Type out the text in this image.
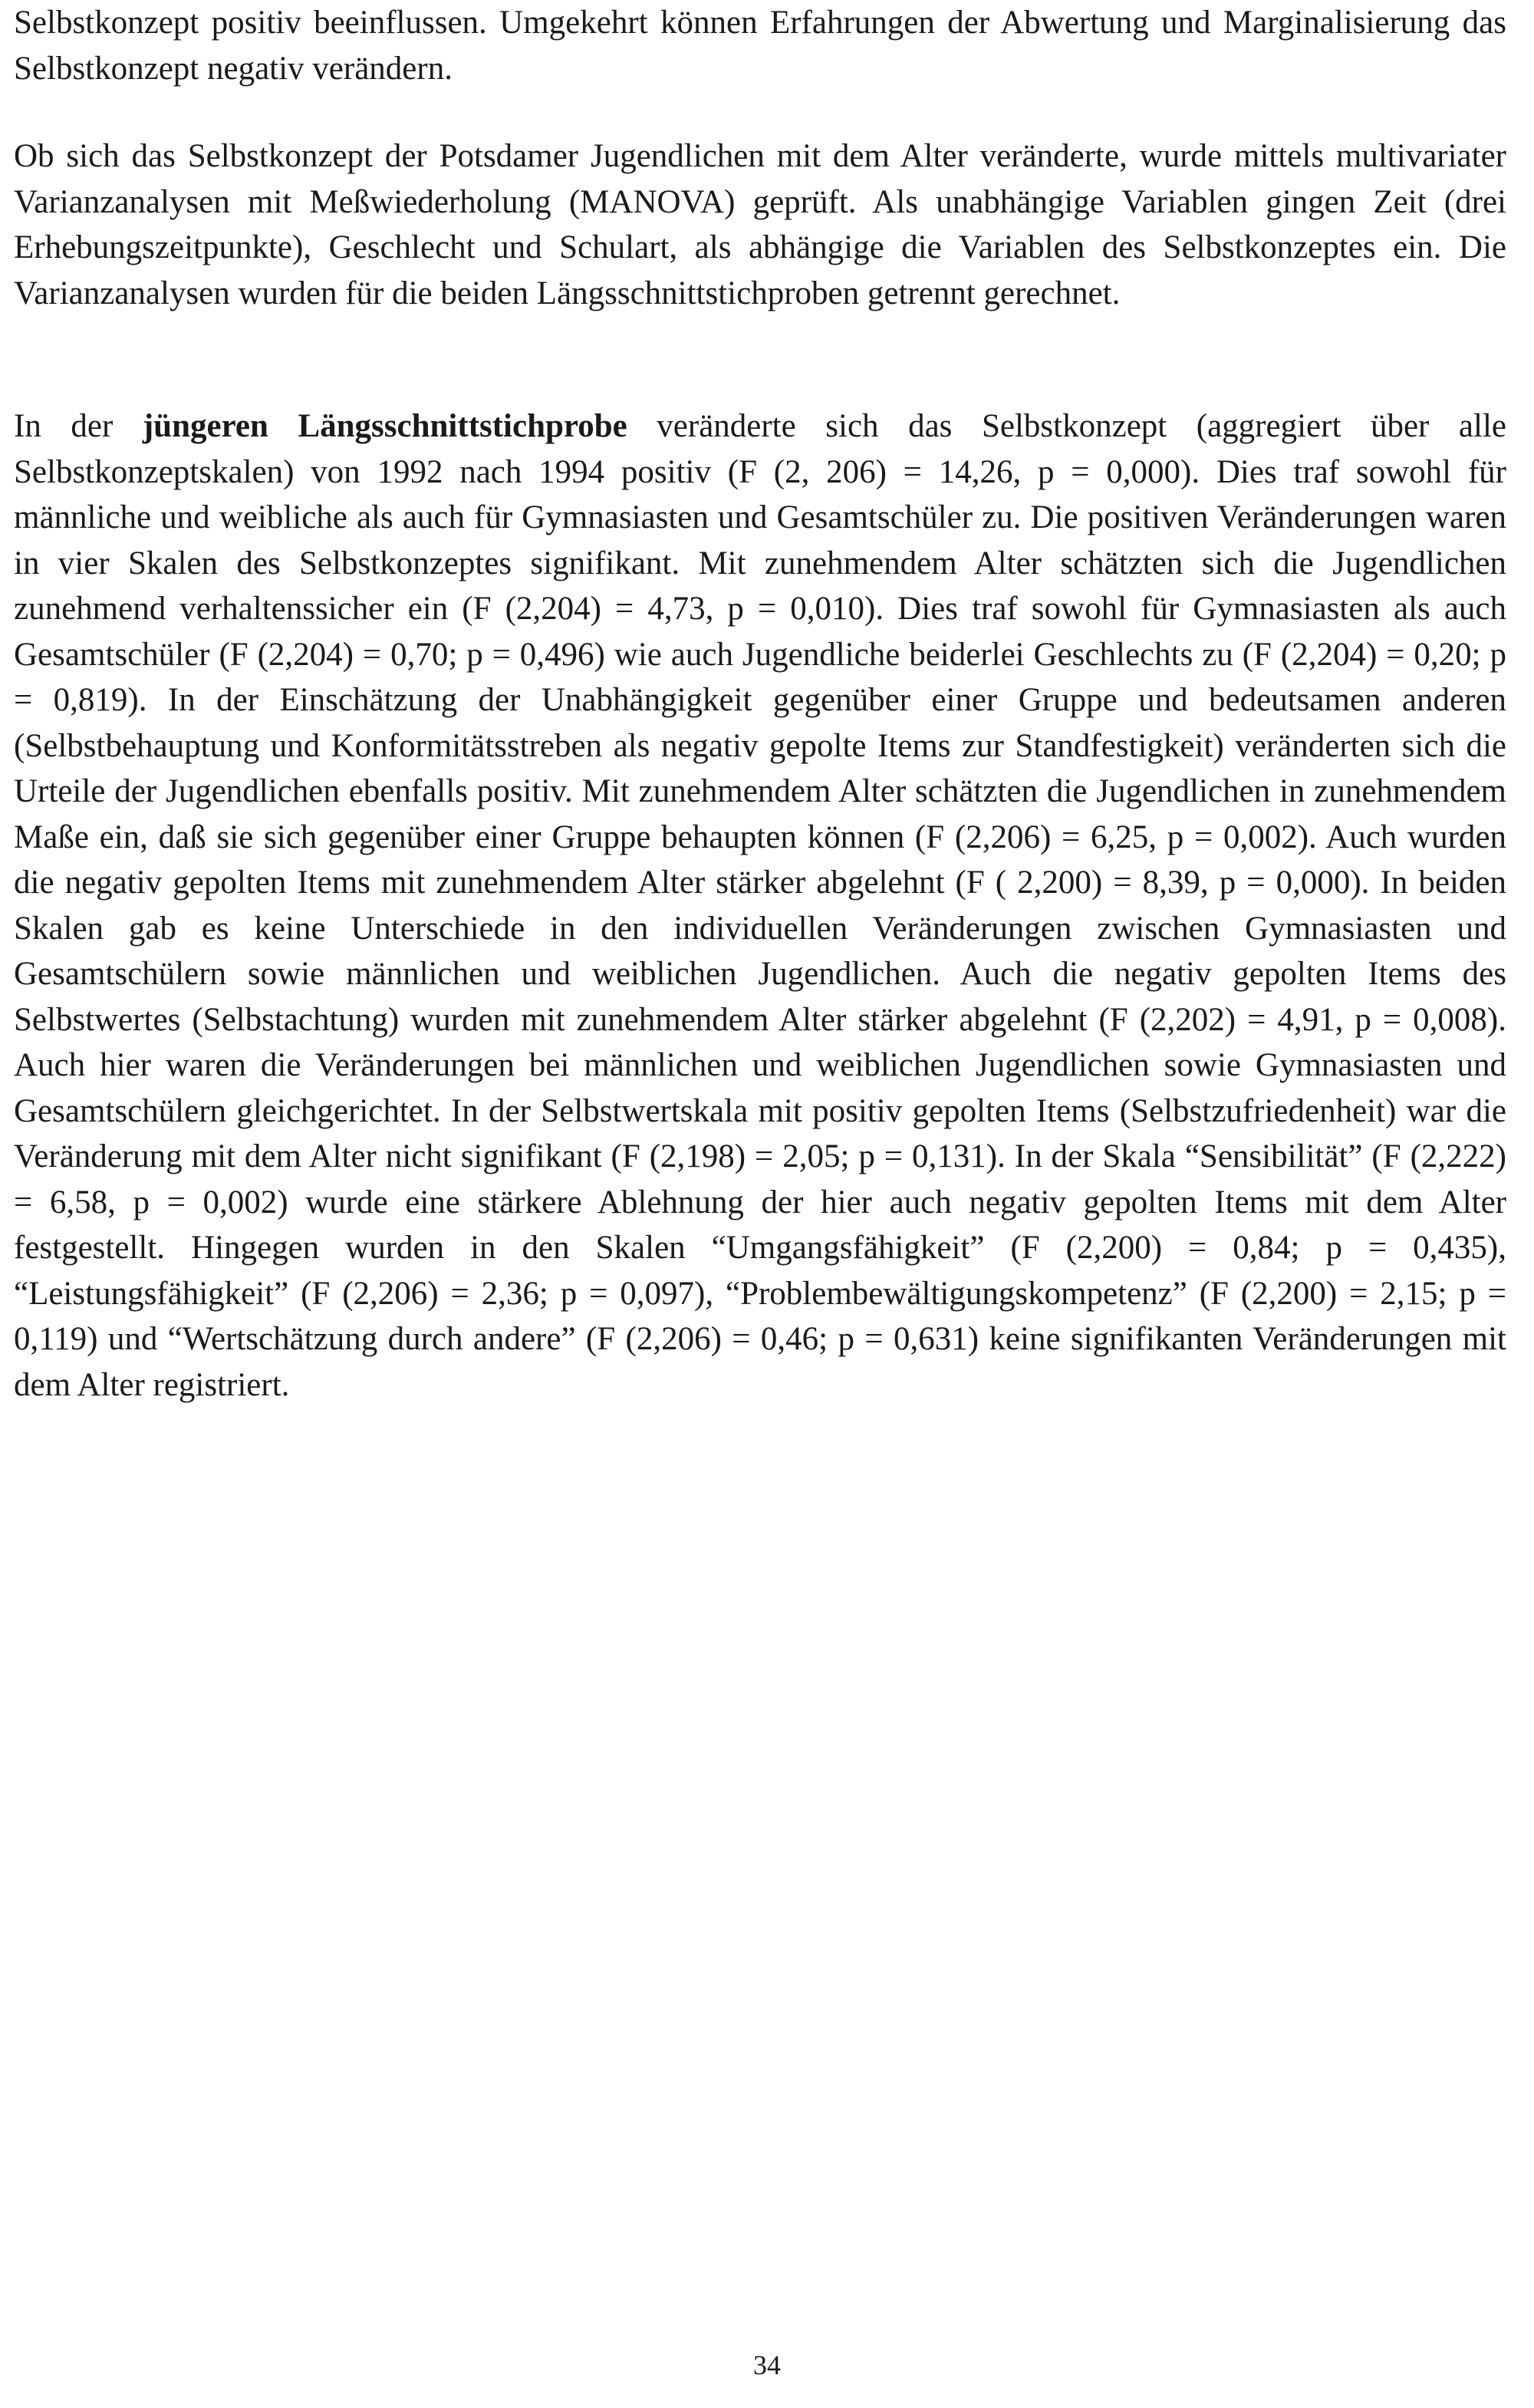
Selbstkonzept positiv beeinflussen. Umgekehrt können Erfahrungen der Abwertung und Marginalisierung das Selbstkonzept negativ verändern.

Ob sich das Selbstkonzept der Potsdamer Jugendlichen mit dem Alter veränderte, wurde mittels multivariater Varianzanalysen mit Meßwiederholung (MANOVA) geprüft. Als unabhängige Variablen gingen Zeit (drei Erhebungszeitpunkte), Geschlecht und Schulart, als abhängige die Variablen des Selbstkonzeptes ein. Die Varianzanalysen wurden für die beiden Längsschnittstichproben getrennt gerechnet.

In der jüngeren Längsschnittstichprobe veränderte sich das Selbstkonzept (aggregiert über alle Selbstkonzeptskalen) von 1992 nach 1994 positiv (F (2, 206) = 14,26, p = 0,000). Dies traf sowohl für männliche und weibliche als auch für Gymnasiasten und Gesamtschüler zu. Die positiven Veränderungen waren in vier Skalen des Selbstkonzeptes signifikant. Mit zunehmendem Alter schätzten sich die Jugendlichen zunehmend verhaltenssicher ein (F (2,204) = 4,73, p = 0,010). Dies traf sowohl für Gymnasiasten als auch Gesamtschüler (F (2,204) = 0,70; p = 0,496) wie auch Jugendliche beiderlei Geschlechts zu (F (2,204) = 0,20; p = 0,819). In der Einschätzung der Unabhängigkeit gegenüber einer Gruppe und bedeutsamen anderen (Selbstbehauptung und Konformitätsstreben als negativ gepolte Items zur Standfestigkeit) veränderten sich die Urteile der Jugendlichen ebenfalls positiv. Mit zunehmendem Alter schätzten die Jugendlichen in zunehmendem Maße ein, daß sie sich gegenüber einer Gruppe behaupten können (F (2,206) = 6,25, p = 0,002). Auch wurden die negativ gepolten Items mit zunehmendem Alter stärker abgelehnt (F ( 2,200) = 8,39, p = 0,000). In beiden Skalen gab es keine Unterschiede in den individuellen Veränderungen zwischen Gymnasiasten und Gesamtschülern sowie männlichen und weiblichen Jugendlichen. Auch die negativ gepolten Items des Selbstwertes (Selbstachtung) wurden mit zunehmendem Alter stärker abgelehnt (F (2,202) = 4,91, p = 0,008). Auch hier waren die Veränderungen bei männlichen und weiblichen Jugendlichen sowie Gymnasiasten und Gesamtschülern gleichgerichtet. In der Selbstwertskala mit positiv gepolten Items (Selbstzufriedenheit) war die Veränderung mit dem Alter nicht signifikant (F (2,198) = 2,05; p = 0,131). In der Skala “Sensibilität” (F (2,222) = 6,58, p = 0,002) wurde eine stärkere Ablehnung der hier auch negativ gepolten Items mit dem Alter festgestellt. Hingegen wurden in den Skalen “Umgangsfähigkeit” (F (2,200) = 0,84; p = 0,435), “Leistungsfähigkeit” (F (2,206) = 2,36; p = 0,097), “Problembewältigungskompetenz” (F (2,200) = 2,15; p = 0,119) und “Wertschätzung durch andere” (F (2,206) = 0,46; p = 0,631) keine signifikanten Veränderungen mit dem Alter registriert.

34
